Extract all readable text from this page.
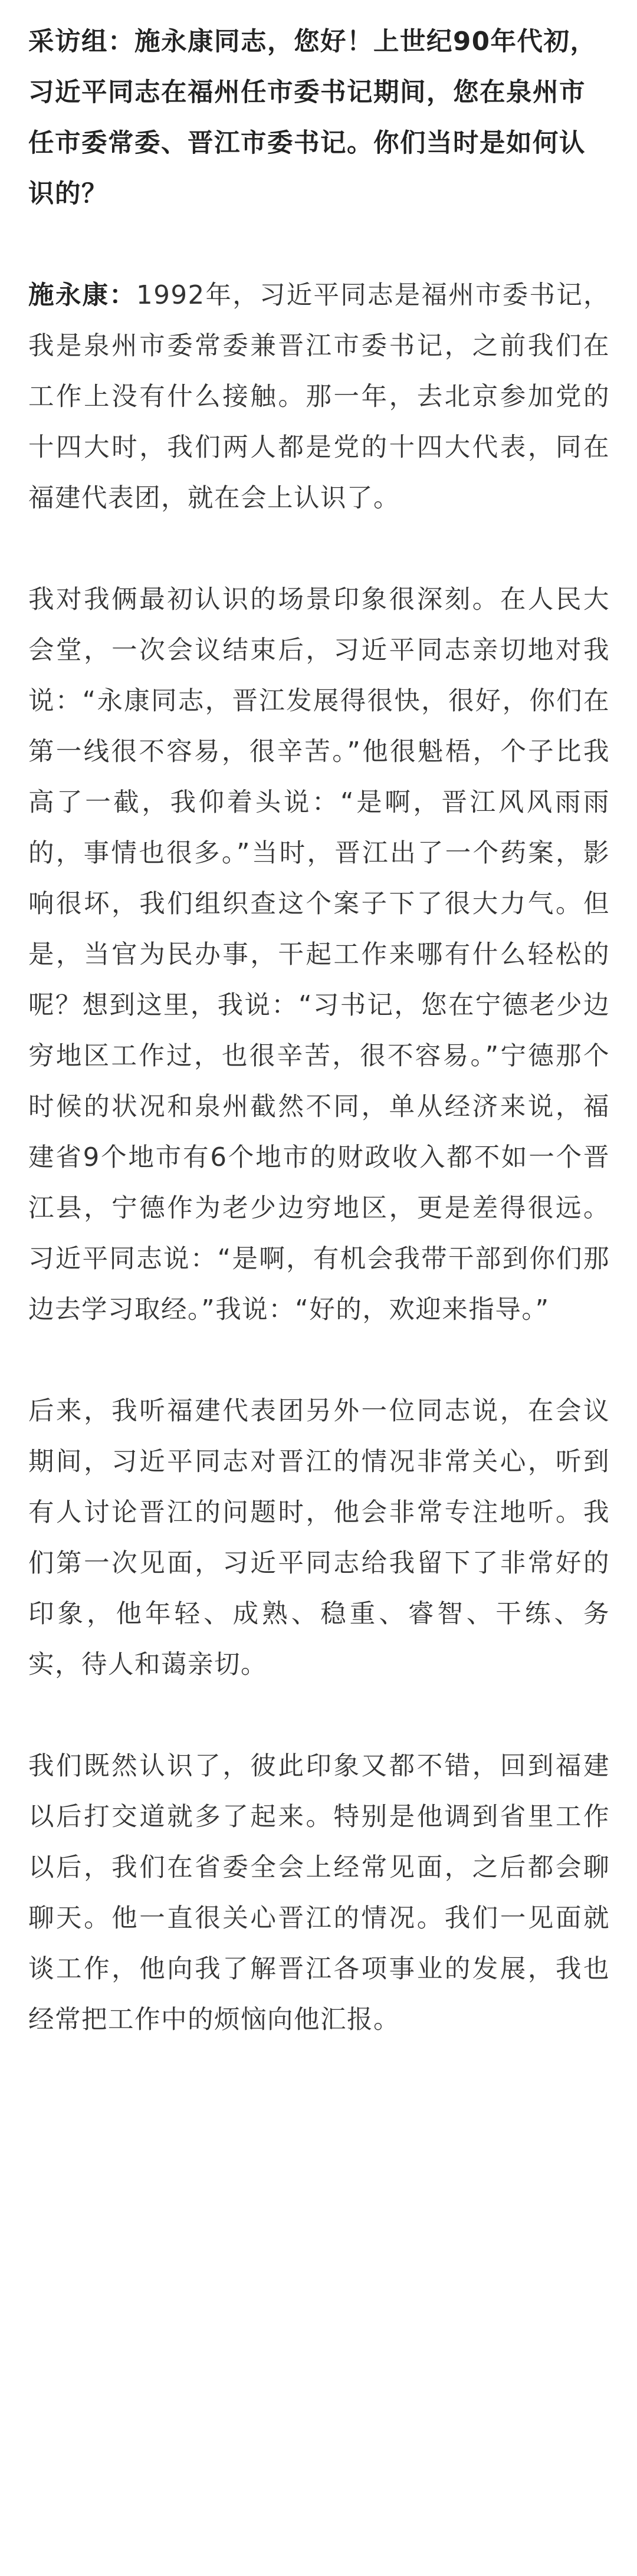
采访组：施永康同志，您好！上世纪90年代初，习近平同志在福州任市委书记期间，您在泉州市任市委常委、晋江市委书记。你们当时是如何认识的？

施永康：1992年，习近平同志是福州市委书记，我是泉州市委常委兼晋江市委书记，之前我们在工作上没有什么接触。那一年，去北京参加党的十四大时，我们两人都是党的十四大代表，同在福建代表团，就在会上认识了。

我对我俩最初认识的场景印象很深刻。在人民大会堂，一次会议结束后，习近平同志亲切地对我说：“永康同志，晋江发展得很快，很好，你们在第一线很不容易，很辛苦。”他很魁梧，个子比我高了一截，我仰着头说：“是啊，晋江风风雨雨的，事情也很多。”当时，晋江出了一个药案，影响很坏，我们组织查这个案子下了很大力气。但是，当官为民办事，干起工作来哪有什么轻松的呢？想到这里，我说：“习书记，您在宁德老少边穷地区工作过，也很辛苦，很不容易。”宁德那个时候的状况和泉州截然不同，单从经济来说，福建省9个地市有6个地市的财政收入都不如一个晋江县，宁德作为老少边穷地区，更是差得很远。习近平同志说：“是啊，有机会我带干部到你们那边去学习取经。”我说：“好的，欢迎来指导。”

后来，我听福建代表团另外一位同志说，在会议期间，习近平同志对晋江的情况非常关心，听到有人讨论晋江的问题时，他会非常专注地听。我们第一次见面，习近平同志给我留下了非常好的印象，他年轻、成熟、稳重、睿智、干练、务实，待人和蔼亲切。

我们既然认识了，彼此印象又都不错，回到福建以后打交道就多了起来。特别是他调到省里工作以后，我们在省委全会上经常见面，之后都会聊聊天。他一直很关心晋江的情况。我们一见面就谈工作，他向我了解晋江各项事业的发展，我也经常把工作中的烦恼向他汇报。
